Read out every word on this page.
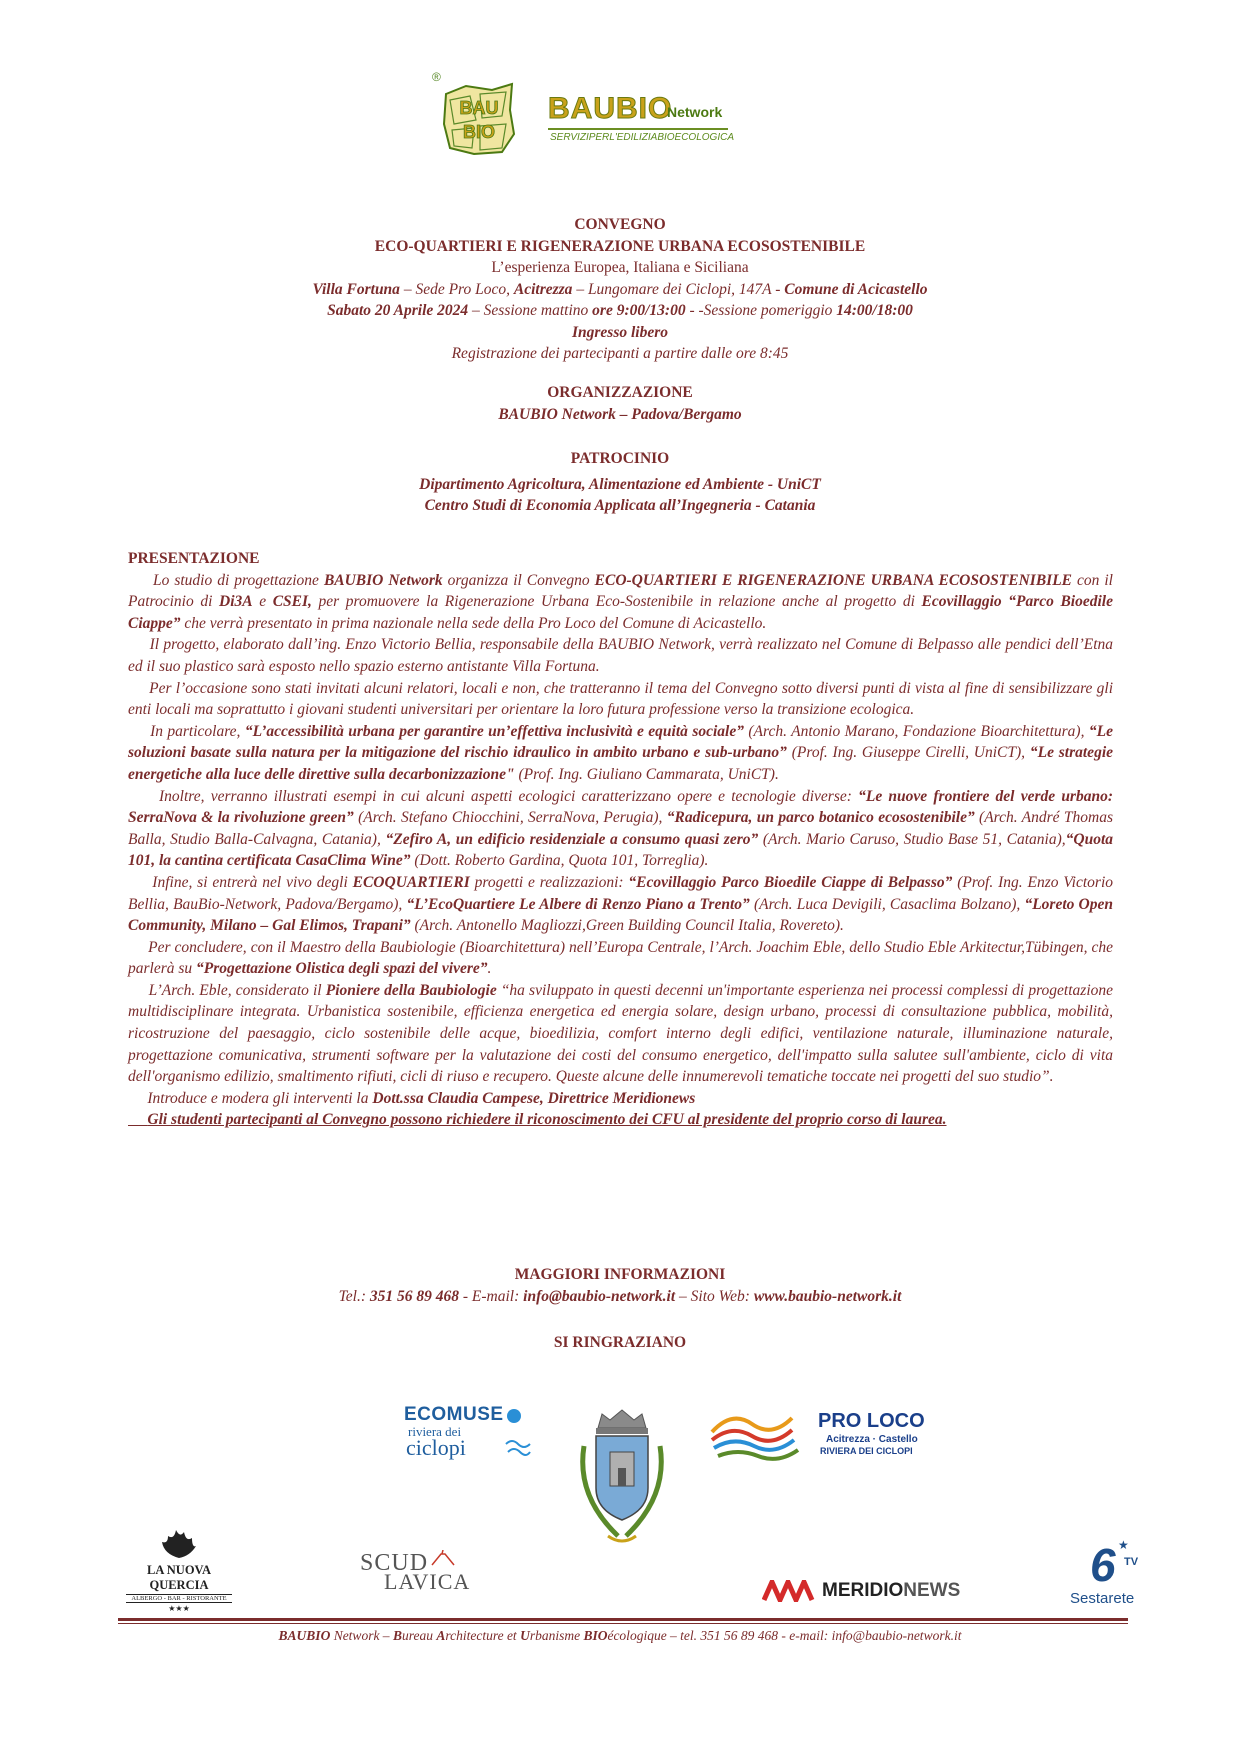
®
BAU
BIO
BAUBIO
Network
SERVIZIPERL'EDILIZIABIOECOLOGICA
CONVEGNO
ECO-QUARTIERI E RIGENERAZIONE URBANA ECOSOSTENIBILE
L’esperienza Europea, Italiana e Siciliana
Villa Fortuna – Sede Pro Loco, Acitrezza – Lungomare dei Ciclopi, 147A - Comune di Acicastello
Sabato 20 Aprile 2024 – Sessione mattino ore 9:00/13:00 - -Sessione pomeriggio 14:00/18:00
Ingresso libero
Registrazione dei partecipanti a partire dalle ore 8:45
ORGANIZZAZIONE
BAUBIO Network – Padova/Bergamo
PATROCINIO
Dipartimento Agricoltura, Alimentazione ed Ambiente - UniCT
Centro Studi di Economia Applicata all’Ingegneria - Catania

PRESENTAZIONE

Lo studio di progettazione BAUBIO Network organizza il Convegno ECO-QUARTIERI E RIGENERAZIONE URBANA ECOSOSTENIBILE con il Patrocinio di Di3A e CSEI, per promuovere la Rigenerazione Urbana Eco-Sostenibile in relazione anche al progetto di Ecovillaggio “Parco Bioedile Ciappe” che verrà presentato in prima nazionale nella sede della Pro Loco del Comune di Acicastello.

Il progetto, elaborato dall’ing. Enzo Victorio Bellia, responsabile della BAUBIO Network, verrà realizzato nel Comune di Belpasso alle pendici dell’Etna ed il suo plastico sarà esposto nello spazio esterno antistante Villa Fortuna.

Per l’occasione sono stati invitati alcuni relatori, locali e non, che tratteranno il tema del Convegno sotto diversi punti di vista al fine di sensibilizzare gli enti locali ma soprattutto i giovani studenti universitari per orientare la loro futura professione verso la transizione ecologica.

In particolare, “L’accessibilità urbana per garantire un’effettiva inclusività e equità sociale” (Arch. Antonio Marano, Fondazione Bioarchitettura), “Le soluzioni basate sulla natura per la mitigazione del rischio idraulico in ambito urbano e sub-urbano” (Prof. Ing. Giuseppe Cirelli, UniCT), “Le strategie energetiche alla luce delle direttive sulla decarbonizzazione" (Prof. Ing. Giuliano Cammarata, UniCT).

Inoltre, verranno illustrati esempi in cui alcuni aspetti ecologici caratterizzano opere e tecnologie diverse: “Le nuove frontiere del verde urbano: SerraNova & la rivoluzione green” (Arch. Stefano Chiocchini, SerraNova, Perugia), “Radicepura, un parco botanico ecosostenibile” (Arch. André Thomas Balla, Studio Balla-Calvagna, Catania), “Zefiro A, un edificio residenziale a consumo quasi zero” (Arch. Mario Caruso, Studio Base 51, Catania),“Quota 101, la cantina certificata CasaClima Wine” (Dott. Roberto Gardina, Quota 101, Torreglia).

Infine, si entrerà nel vivo degli ECOQUARTIERI progetti e realizzazioni: “Ecovillaggio Parco Bioedile Ciappe di Belpasso” (Prof. Ing. Enzo Victorio Bellia, BauBio-Network, Padova/Bergamo), “L’EcoQuartiere Le Albere di Renzo Piano a Trento” (Arch. Luca Devigili, Casaclima Bolzano), “Loreto Open Community, Milano – Gal Elimos, Trapani” (Arch. Antonello Magliozzi,Green Building Council Italia, Rovereto).

Per concludere, con il Maestro della Baubiologie (Bioarchitettura) nell’Europa Centrale, l’Arch. Joachim Eble, dello Studio Eble Arkitectur,Tübingen, che parlerà su “Progettazione Olistica degli spazi del vivere”.

L’Arch. Eble, considerato il Pioniere della Baubiologie “ha sviluppato in questi decenni un'importante esperienza nei processi complessi di progettazione multidisciplinare integrata. Urbanistica sostenibile, efficienza energetica ed energia solare, design urbano, processi di consultazione pubblica, mobilità, ricostruzione del paesaggio, ciclo sostenibile delle acque, bioedilizia, comfort interno degli edifici, ventilazione naturale, illuminazione naturale, progettazione comunicativa, strumenti software per la valutazione dei costi del consumo energetico, dell'impatto sulla salutee sull'ambiente, ciclo di vita dell'organismo edilizio, smaltimento rifiuti, cicli di riuso e recupero. Queste alcune delle innumerevoli tematiche toccate nei progetti del suo studio”.

Introduce e modera gli interventi la Dott.ssa Claudia Campese, Direttrice Meridionews

Gli studenti partecipanti al Convegno possono richiedere il riconoscimento dei CFU al presidente del proprio corso di laurea.

MAGGIORI INFORMAZIONI
Tel.: 351 56 89 468 - E-mail: info@baubio-network.it – Sito Web: www.baubio-network.it
SI RINGRAZIANO
ECOMUSE
riviera dei
ciclopi
PRO LOCO
Acitrezza · Castello
RIVIERA DEI CICLOPI
LA NUOVA QUERCIA
ALBERGO - BAR - RISTORANTE
★★★
SCUD
LAVICA	MERIDIONEWS	6 TV
★
Sestarete
BAUBIO Network – Bureau Architecture et Urbanisme BIOécologique – tel. 351 56 89 468 - e-mail: info@baubio-network.it
